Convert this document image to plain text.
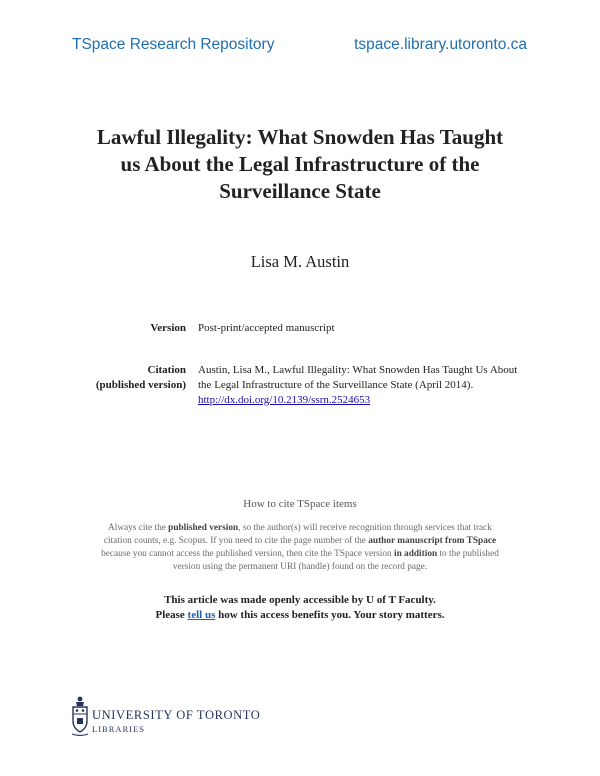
TSpace Research Repository	tspace.library.utoronto.ca
Lawful Illegality: What Snowden Has Taught
us About the Legal Infrastructure of the
Surveillance State
Lisa M. Austin
Version Post-print/accepted manuscript
Citation
(published version)
Austin, Lisa M., Lawful Illegality: What Snowden Has Taught Us About
the Legal Infrastructure of the Surveillance State (April 2014).
http://dx.doi.org/10.2139/ssrn.2524653
How to cite TSpace items
Always cite the published version, so the author(s) will receive recognition through services that track
citation counts, e.g. Scopus. If you need to cite the page number of the author manuscript from TSpace
because you cannot access the published version, then cite the TSpace version in addition to the published
version using the permanent URI (handle) found on the record page.
This article was made openly accessible by U of T Faculty.
Please tell us how this access benefits you. Your story matters.
UNIVERSITY OF TORONTO
LIBRARIES
